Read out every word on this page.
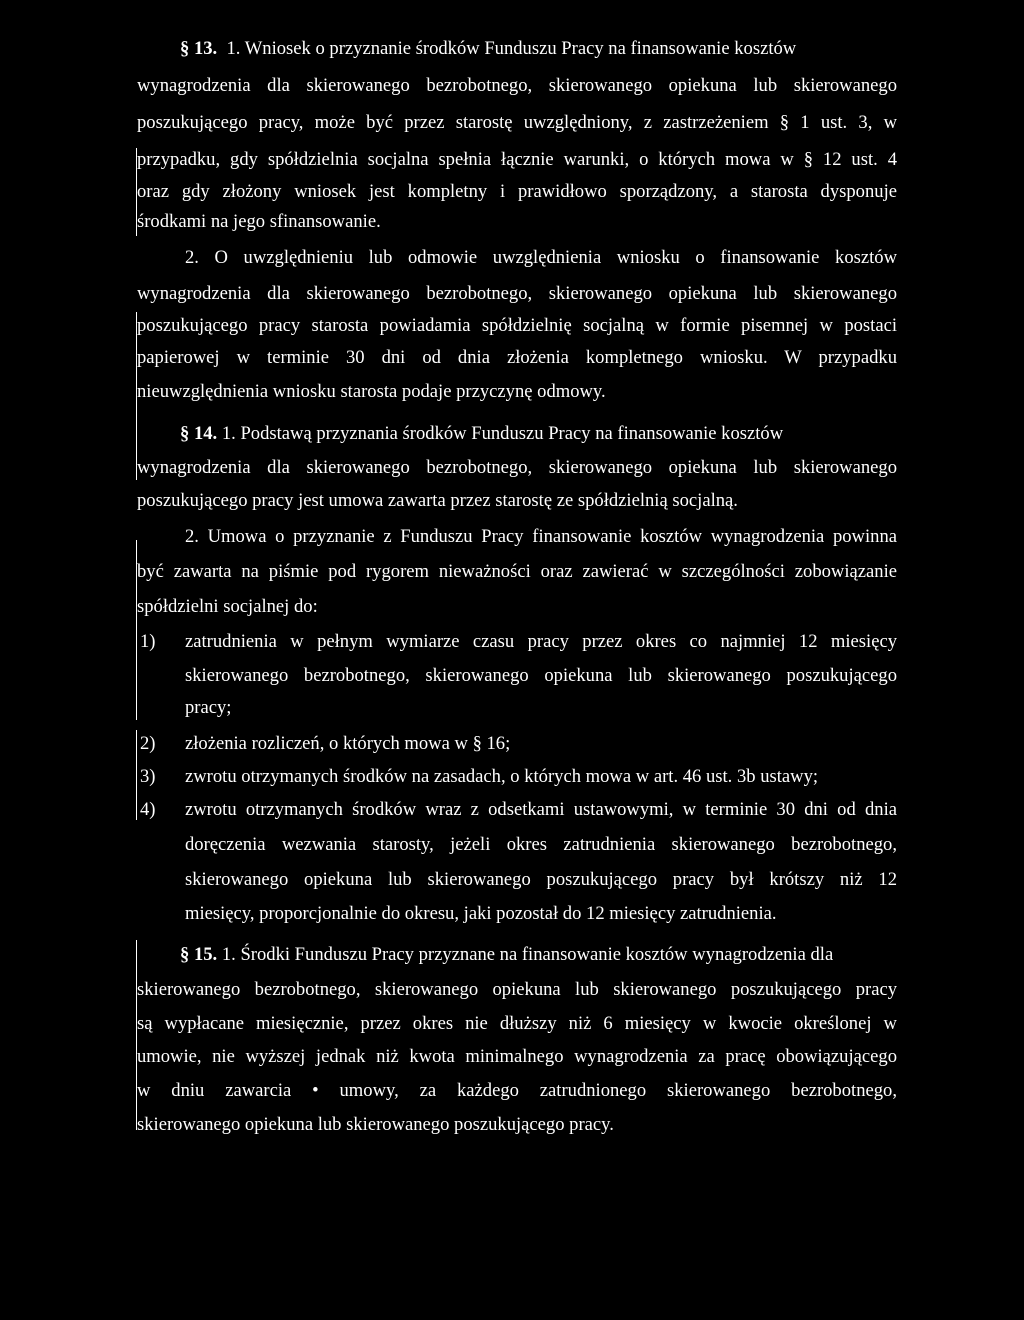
§ 13. 1. Wniosek o przyznanie środków Funduszu Pracy na finansowanie kosztów
wynagrodzenia dla skierowanego bezrobotnego, skierowanego opiekuna lub skierowanego
poszukującego pracy, może być przez starostę uwzględniony, z zastrzeżeniem § 1 ust. 3, w
przypadku, gdy spółdzielnia socjalna spełnia łącznie warunki, o których mowa w § 12 ust. 4
oraz gdy złożony wniosek jest kompletny i prawidłowo sporządzony, a starosta dysponuje
środkami na jego sfinansowanie.
2. O uwzględnieniu lub odmowie uwzględnienia wniosku o finansowanie kosztów
wynagrodzenia dla skierowanego bezrobotnego, skierowanego opiekuna lub skierowanego
poszukującego pracy starosta powiadamia spółdzielnię socjalną w formie pisemnej w postaci
papierowej w terminie 30 dni od dnia złożenia kompletnego wniosku. W przypadku
nieuwzględnienia wniosku starosta podaje przyczynę odmowy.
§ 14. 1. Podstawą przyznania środków Funduszu Pracy na finansowanie kosztów
wynagrodzenia dla skierowanego bezrobotnego, skierowanego opiekuna lub skierowanego
poszukującego pracy jest umowa zawarta przez starostę ze spółdzielnią socjalną.
2. Umowa o przyznanie z Funduszu Pracy finansowanie kosztów wynagrodzenia powinna
być zawarta na piśmie pod rygorem nieważności oraz zawierać w szczególności zobowiązanie
spółdzielni socjalnej do:
1) zatrudnienia w pełnym wymiarze czasu pracy przez okres co najmniej 12 miesięcy
skierowanego bezrobotnego, skierowanego opiekuna lub skierowanego poszukującego
pracy;
2) złożenia rozliczeń, o których mowa w § 16;
3) zwrotu otrzymanych środków na zasadach, o których mowa w art. 46 ust. 3b ustawy;
4) zwrotu otrzymanych środków wraz z odsetkami ustawowymi, w terminie 30 dni od dnia
doręczenia wezwania starosty, jeżeli okres zatrudnienia skierowanego bezrobotnego,
skierowanego opiekuna lub skierowanego poszukującego pracy był krótszy niż 12
miesięcy, proporcjonalnie do okresu, jaki pozostał do 12 miesięcy zatrudnienia.
§ 15. 1. Środki Funduszu Pracy przyznane na finansowanie kosztów wynagrodzenia dla
skierowanego bezrobotnego, skierowanego opiekuna lub skierowanego poszukującego pracy
są wypłacane miesięcznie, przez okres nie dłuższy niż 6 miesięcy w kwocie określonej w
umowie, nie wyższej jednak niż kwota minimalnego wynagrodzenia za pracę obowiązującego
w dniu zawarcia • umowy, za każdego zatrudnionego skierowanego bezrobotnego,
skierowanego opiekuna lub skierowanego poszukującego pracy.
